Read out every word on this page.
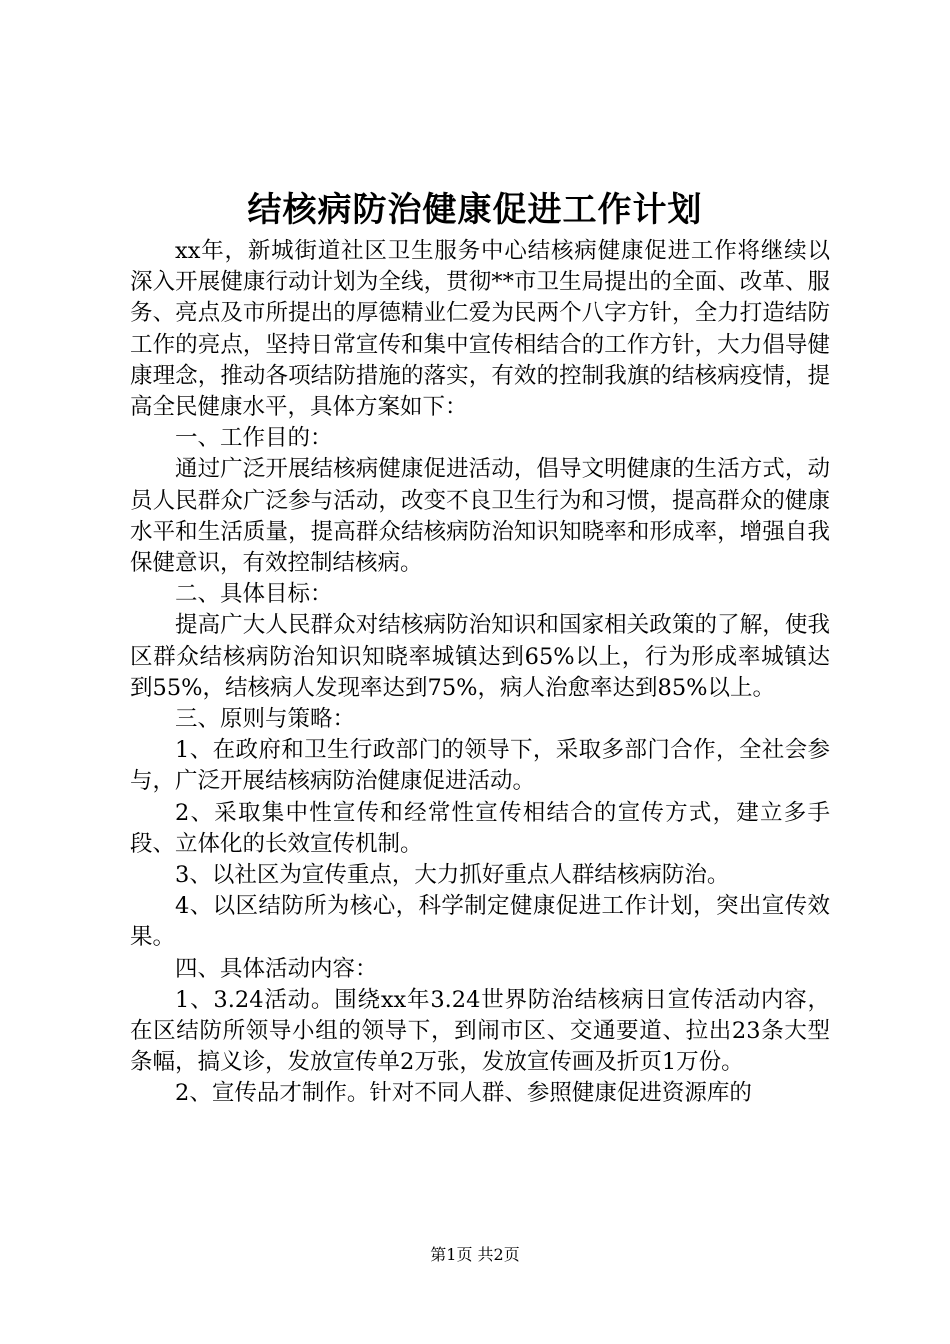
结核病防治健康促进工作计划

xx年，新城街道社区卫生服务中心结核病健康促进工作将继续以深入开展健康行动计划为全线，贯彻**市卫生局提出的全面、改革、服务、亮点及市所提出的厚德精业仁爱为民两个八字方针，全力打造结防工作的亮点，坚持日常宣传和集中宣传相结合的工作方针，大力倡导健康理念，推动各项结防措施的落实，有效的控制我旗的结核病疫情，提高全民健康水平，具体方案如下：

一、工作目的：

通过广泛开展结核病健康促进活动，倡导文明健康的生活方式，动员人民群众广泛参与活动，改变不良卫生行为和习惯，提高群众的健康水平和生活质量，提高群众结核病防治知识知晓率和形成率，增强自我保健意识，有效控制结核病。

二、具体目标：

提高广大人民群众对结核病防治知识和国家相关政策的了解，使我区群众结核病防治知识知晓率城镇达到65%以上，行为形成率城镇达到55%，结核病人发现率达到75%，病人治愈率达到85%以上。

三、原则与策略：

1、在政府和卫生行政部门的领导下，采取多部门合作，全社会参与，广泛开展结核病防治健康促进活动。

2、采取集中性宣传和经常性宣传相结合的宣传方式，建立多手段、立体化的长效宣传机制。

3、以社区为宣传重点，大力抓好重点人群结核病防治。

4、以区结防所为核心，科学制定健康促进工作计划，突出宣传效果。

四、具体活动内容：

1、3.24活动。围绕xx年3.24世界防治结核病日宣传活动内容，在区结防所领导小组的领导下，到闹市区、交通要道、拉出23条大型条幅，搞义诊，发放宣传单2万张，发放宣传画及折页1万份。

2、宣传品才制作。针对不同人群、参照健康促进资源库的

第1页 共2页
